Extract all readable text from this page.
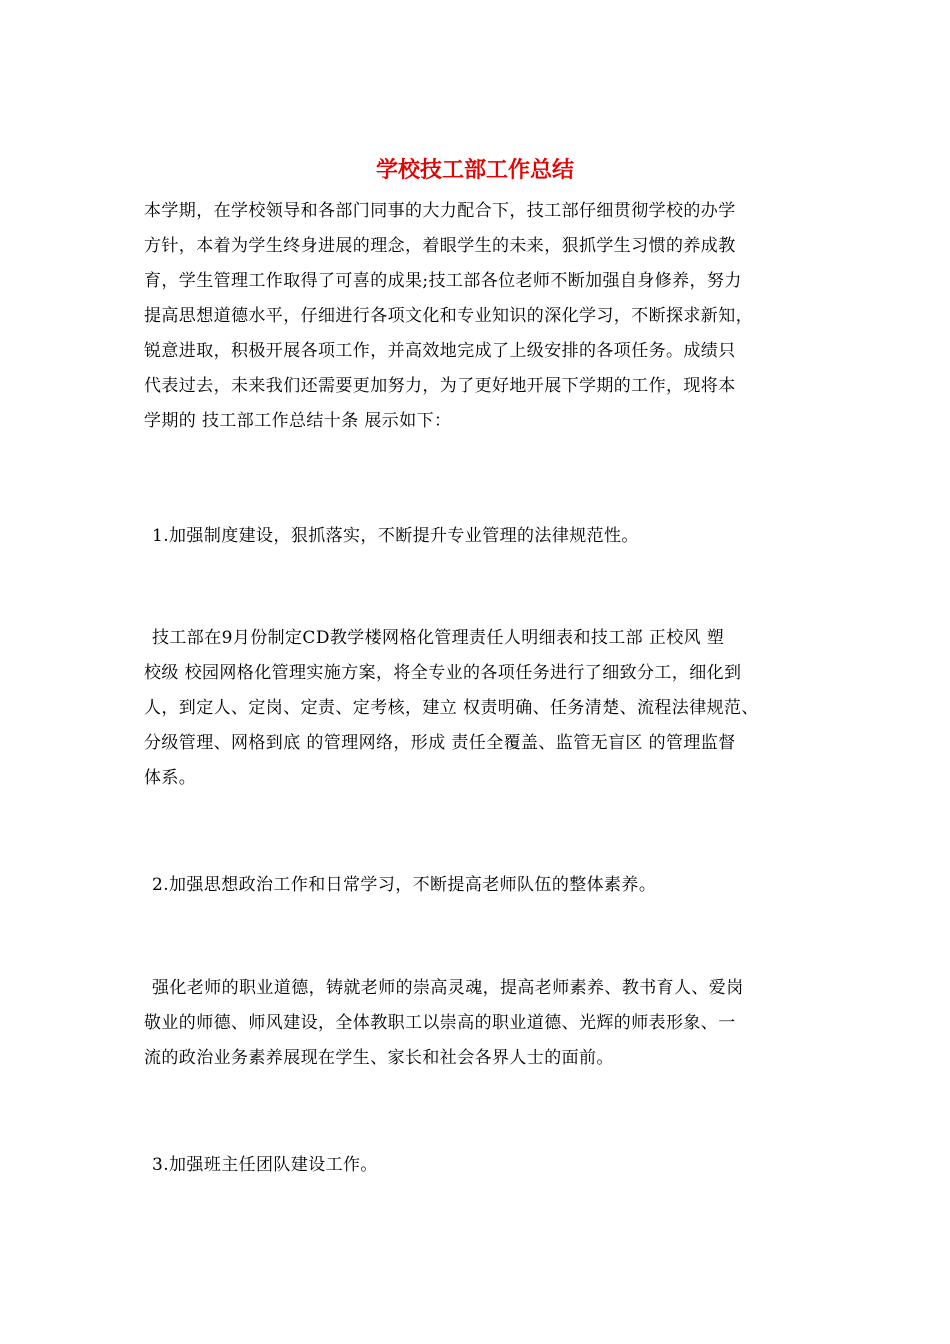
学校技工部工作总结
本学期，在学校领导和各部门同事的大力配合下，技工部仔细贯彻学校的办学
方针，本着为学生终身进展的理念，着眼学生的未来，狠抓学生习惯的养成教
育，学生管理工作取得了可喜的成果;技工部各位老师不断加强自身修养，努力
提高思想道德水平，仔细进行各项文化和专业知识的深化学习，不断探求新知，
锐意进取，积极开展各项工作，并高效地完成了上级安排的各项任务。成绩只
代表过去，未来我们还需要更加努力，为了更好地开展下学期的工作，现将本
学期的 技工部工作总结十条 展示如下：
1.加强制度建设，狠抓落实，不断提升专业管理的法律规范性。
技工部在9月份制定CD教学楼网格化管理责任人明细表和技工部 正校风 塑
校级 校园网格化管理实施方案，将全专业的各项任务进行了细致分工，细化到
人，到定人、定岗、定责、定考核，建立 权责明确、任务清楚、流程法律规范、
分级管理、网格到底 的管理网络，形成 责任全覆盖、监管无盲区 的管理监督
体系。
2.加强思想政治工作和日常学习，不断提高老师队伍的整体素养。
强化老师的职业道德，铸就老师的崇高灵魂，提高老师素养、教书育人、爱岗
敬业的师德、师风建设，全体教职工以崇高的职业道德、光辉的师表形象、一
流的政治业务素养展现在学生、家长和社会各界人士的面前。
3.加强班主任团队建设工作。
